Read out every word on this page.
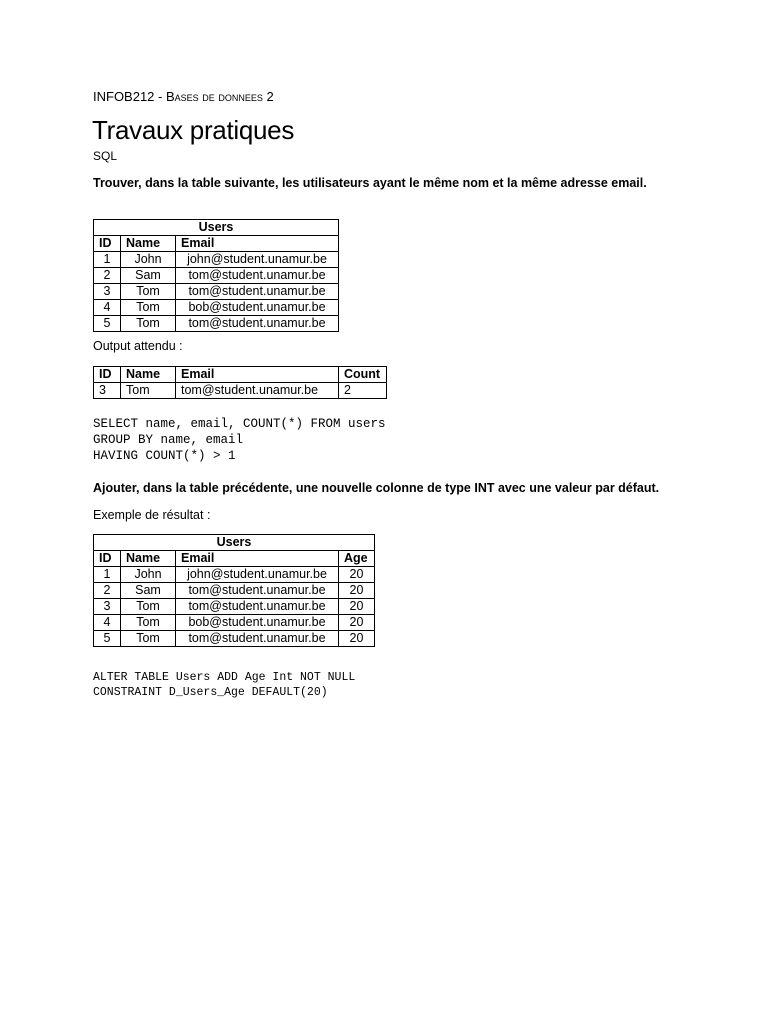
INFOB212 - Bases de donnees 2
Travaux pratiques
SQL
Trouver, dans la table suivante, les utilisateurs ayant le même nom et la même adresse email.
Users		
ID	Name	Email
1	John	john@student.unamur.be
2	Sam	tom@student.unamur.be
3	Tom	tom@student.unamur.be
4	Tom	bob@student.unamur.be
5	Tom	tom@student.unamur.be
Output attendu :
ID	Name	Email	Count
3	Tom	tom@student.unamur.be	2
SELECT name, email, COUNT(*) FROM users
GROUP BY name, email
HAVING COUNT(*) > 1
Ajouter, dans la table précédente, une nouvelle colonne de type INT avec une valeur par défaut.
Exemple de résultat :
Users			
ID	Name	Email	Age
1	John	john@student.unamur.be	20
2	Sam	tom@student.unamur.be	20
3	Tom	tom@student.unamur.be	20
4	Tom	bob@student.unamur.be	20
5	Tom	tom@student.unamur.be	20
ALTER TABLE Users ADD Age Int NOT NULL
CONSTRAINT D_Users_Age DEFAULT(20)
